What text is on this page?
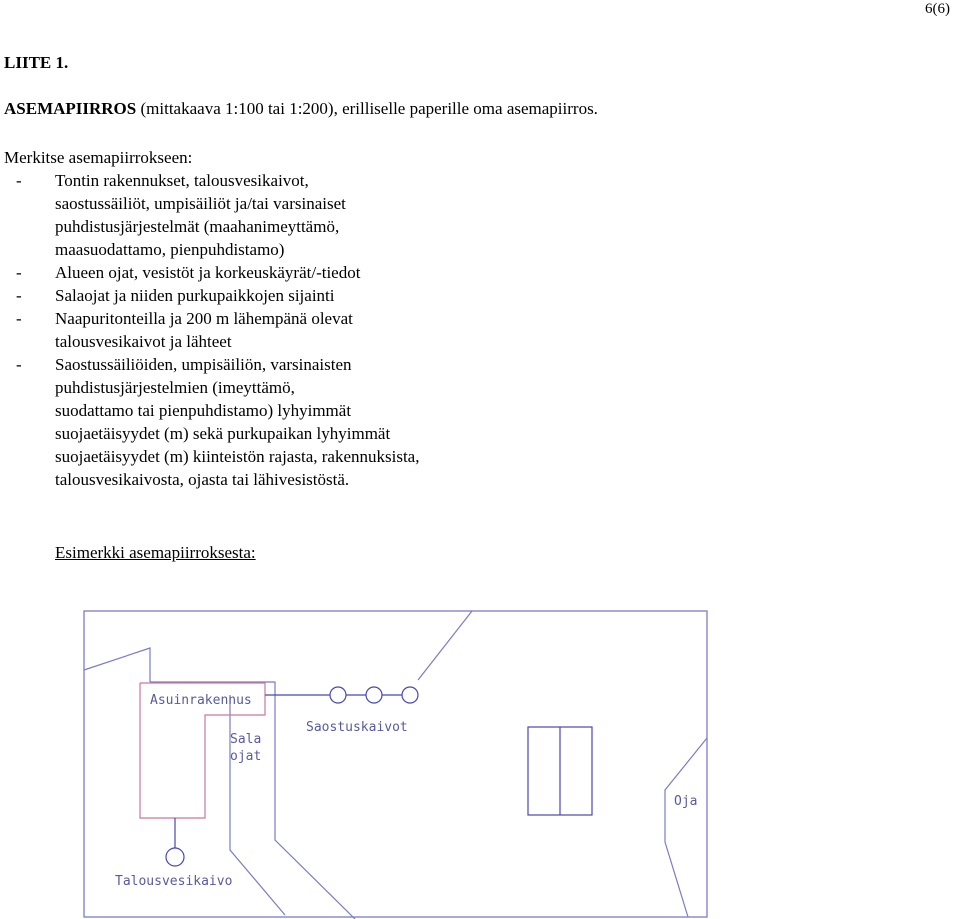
6(6)
LIITE 1.
ASEMAPIIRROS (mittakaava 1:100 tai 1:200), erilliselle paperille oma asemapiirros.
Merkitse asemapiirrokseen:
- Tontin rakennukset, talousvesikaivot,
saostussäiliöt, umpisäiliöt ja/tai varsinaiset
puhdistusjärjestelmät (maahanimeyttämö,
maasuodattamo, pienpuhdistamo)
- Alueen ojat, vesistöt ja korkeuskäyrät/-tiedot
- Salaojat ja niiden purkupaikkojen sijainti
- Naapuritonteilla ja 200 m lähempänä olevat
talousvesikaivot ja lähteet
- Saostussäiliöiden, umpisäiliön, varsinaisten
puhdistusjärjestelmien (imeyttämö,
suodattamo tai pienpuhdistamo) lyhyimmät
suojaetäisyydet (m) sekä purkupaikan lyhyimmät
suojaetäisyydet (m) kiinteistön rajasta, rakennuksista,
talousvesikaivosta, ojasta tai lähivesistöstä.
Esimerkki asemapiirroksesta:
Asuinrakennus
Sala
ojat
Saostuskaivot
Oja
Talousvesikaivo
